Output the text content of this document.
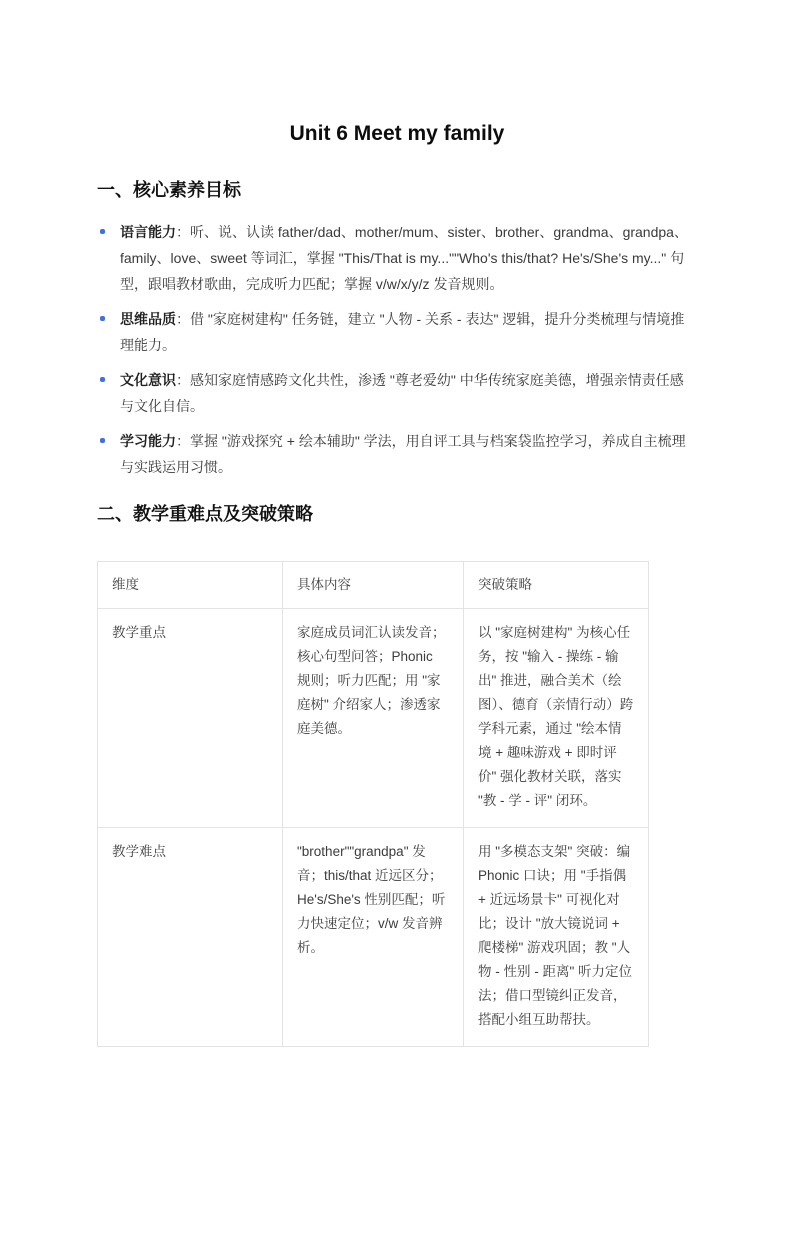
Unit 6 Meet my family
一、核心素养目标
语言能力：听、说、认读 father/dad、mother/mum、sister、brother、grandma、grandpa、family、love、sweet 等词汇，掌握 "This/That is my...""Who's this/that? He's/She's my..." 句型，跟唱教材歌曲，完成听力匹配；掌握 v/w/x/y/z 发音规则。
思维品质：借 "家庭树建构" 任务链，建立 "人物 - 关系 - 表达" 逻辑，提升分类梳理与情境推理能力。
文化意识：感知家庭情感跨文化共性，渗透 "尊老爱幼" 中华传统家庭美德，增强亲情责任感与文化自信。
学习能力：掌握 "游戏探究 + 绘本辅助" 学法，用自评工具与档案袋监控学习，养成自主梳理与实践运用习惯。
二、教学重难点及突破策略
维度	具体内容	突破策略
教学重点	家庭成员词汇认读发音；核心句型问答；Phonic 规则；听力匹配；用 "家庭树" 介绍家人；渗透家庭美德。	以 "家庭树建构" 为核心任务，按 "输入 - 操练 - 输出" 推进，融合美术（绘图）、德育（亲情行动）跨学科元素，通过 "绘本情境 + 趣味游戏 + 即时评价" 强化教材关联，落实 "教 - 学 - 评" 闭环。
教学难点	"brother""grandpa" 发音；this/that 近远区分；He's/She's 性别匹配；听力快速定位；v/w 发音辨析。	用 "多模态支架" 突破：编 Phonic 口诀；用 "手指偶 + 近远场景卡" 可视化对比；设计 "放大镜说词 + 爬楼梯" 游戏巩固；教 "人物 - 性别 - 距离" 听力定位法；借口型镜纠正发音，搭配小组互助帮扶。
